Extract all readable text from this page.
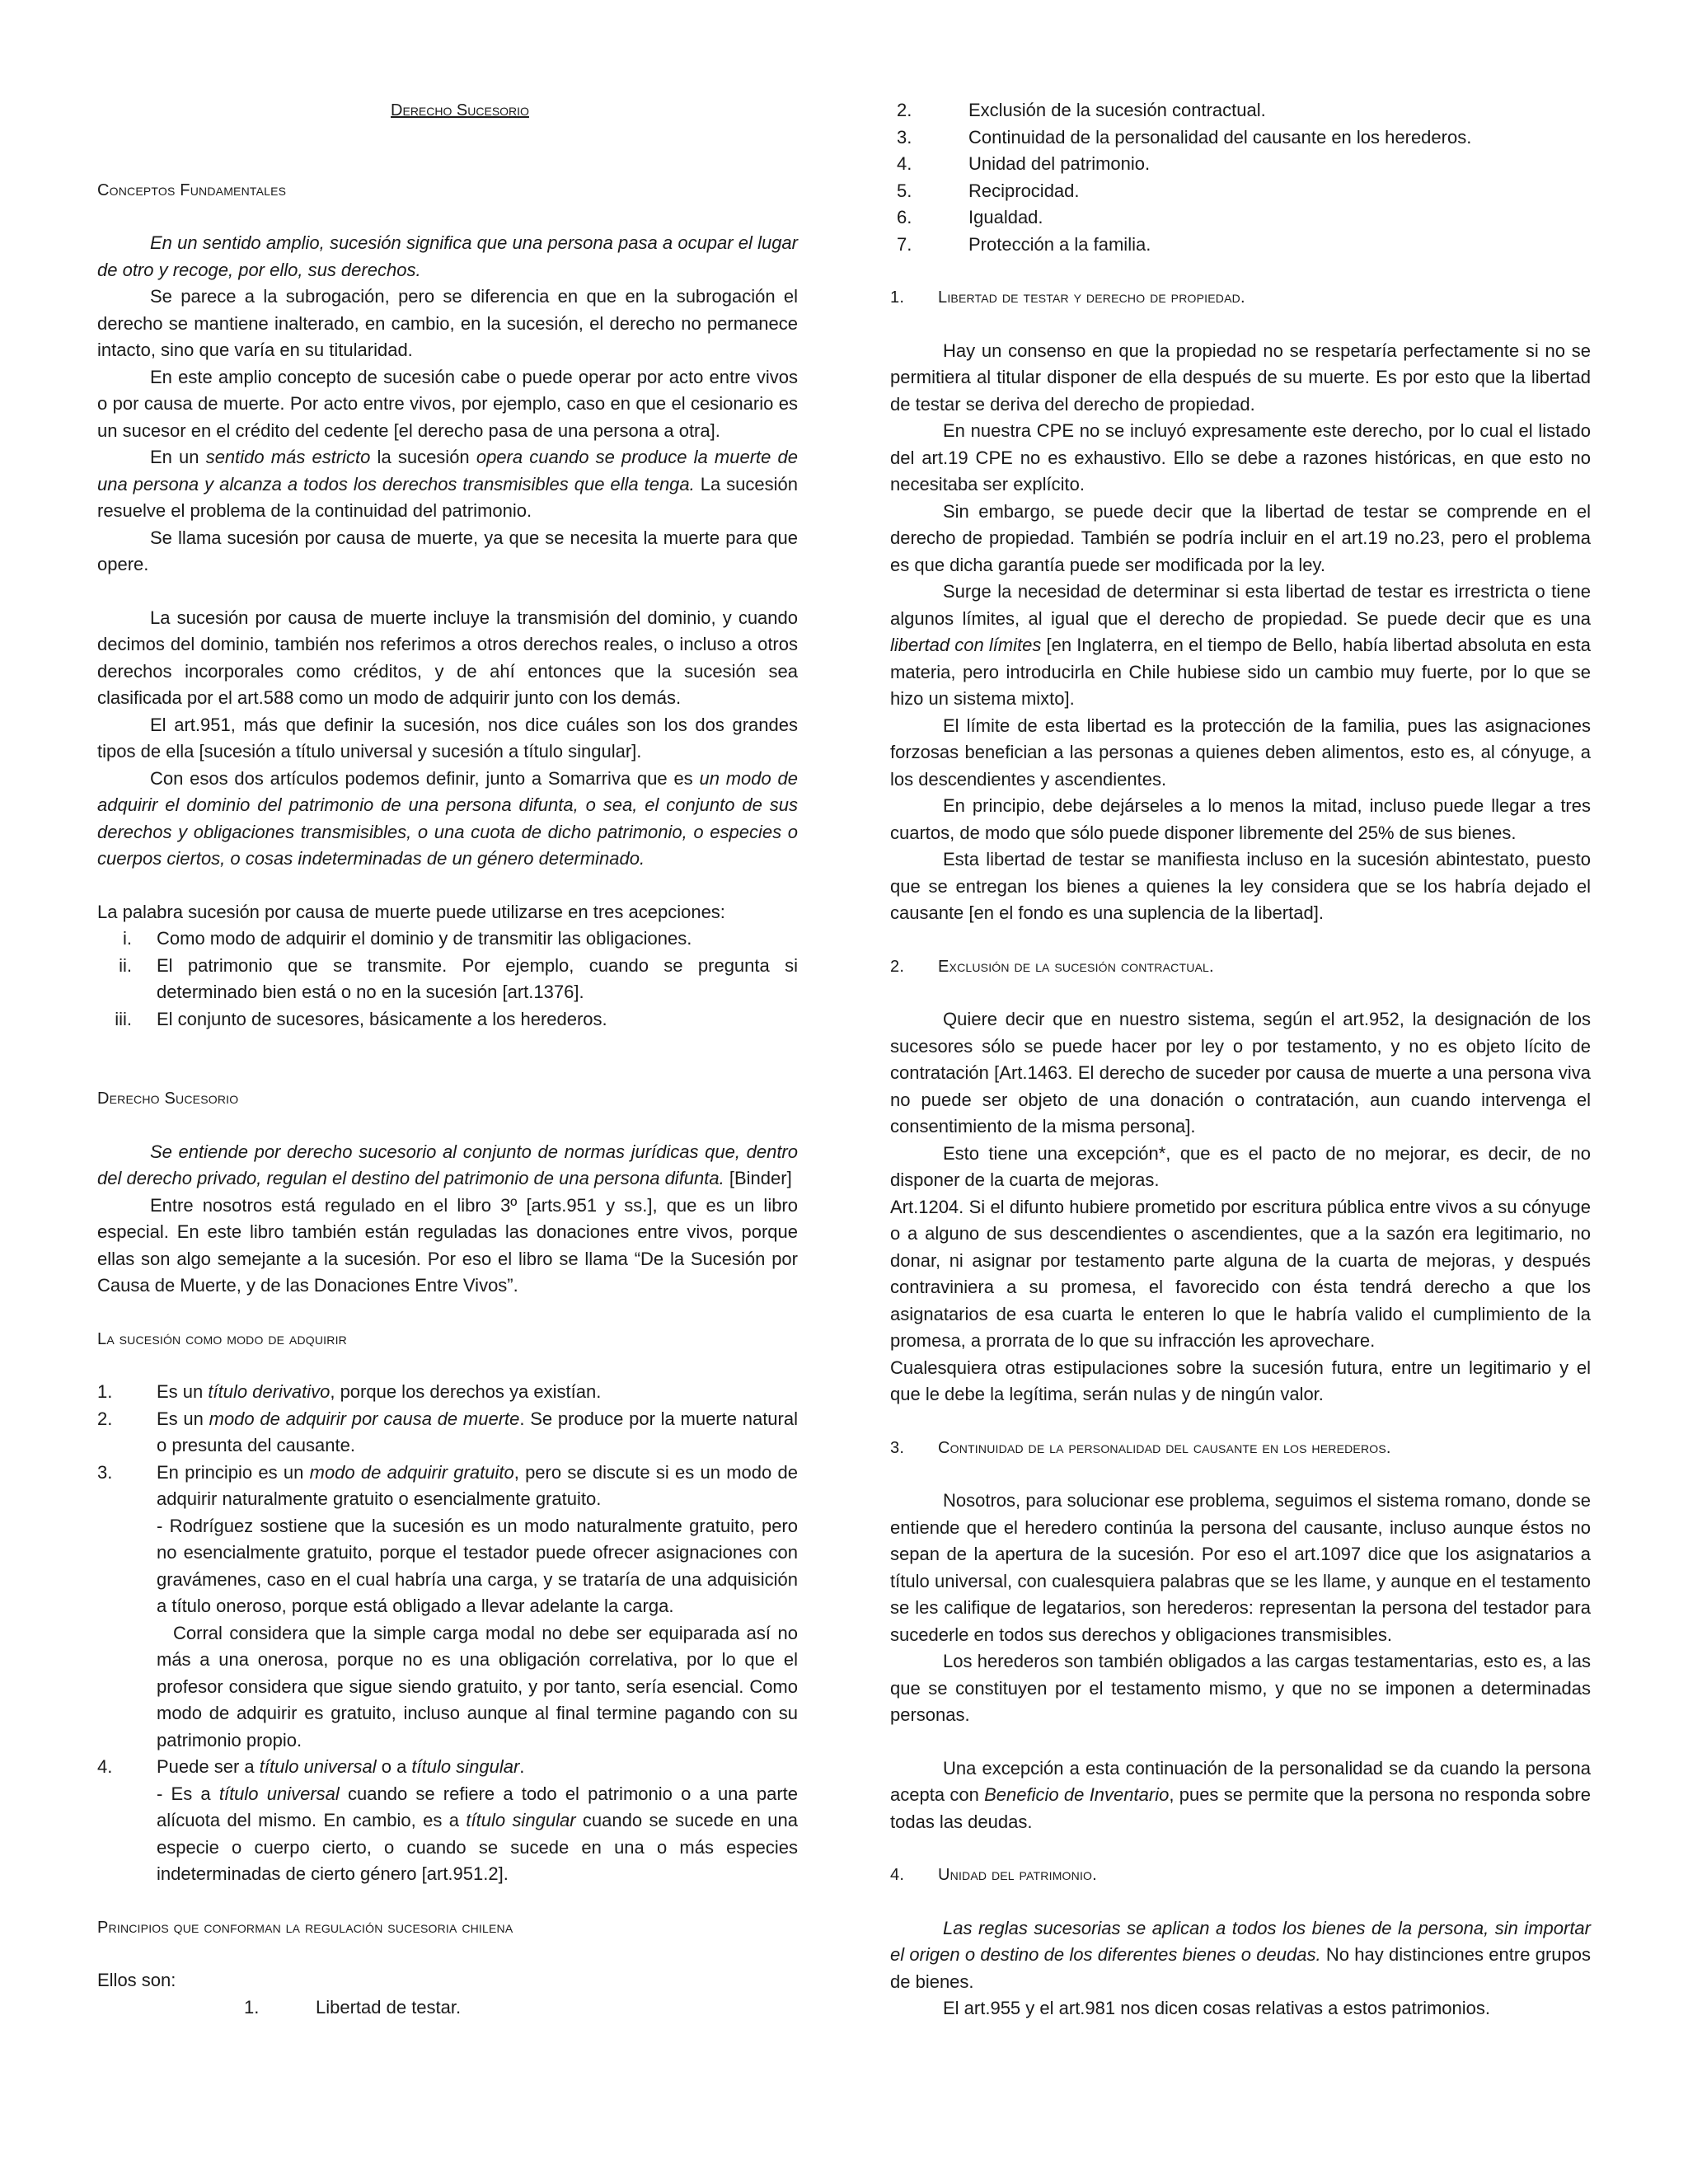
Derecho Sucesorio

Conceptos Fundamentales

En un sentido amplio, sucesión significa que una persona pasa a ocupar el lugar de otro y recoge, por ello, sus derechos.

Se parece a la subrogación, pero se diferencia en que en la subrogación el derecho se mantiene inalterado, en cambio, en la sucesión, el derecho no permanece intacto, sino que varía en su titularidad.

En este amplio concepto de sucesión cabe o puede operar por acto entre vivos o por causa de muerte. Por acto entre vivos, por ejemplo, caso en que el cesionario es un sucesor en el crédito del cedente [el derecho pasa de una persona a otra].

En un sentido más estricto la sucesión opera cuando se produce la muerte de una persona y alcanza a todos los derechos transmisibles que ella tenga. La sucesión resuelve el problema de la continuidad del patrimonio.

Se llama sucesión por causa de muerte, ya que se necesita la muerte para que opere.

La sucesión por causa de muerte incluye la transmisión del dominio, y cuando decimos del dominio, también nos referimos a otros derechos reales, o incluso a otros derechos incorporales como créditos, y de ahí entonces que la sucesión sea clasificada por el art.588 como un modo de adquirir junto con los demás.

El art.951, más que definir la sucesión, nos dice cuáles son los dos grandes tipos de ella [sucesión a título universal y sucesión a título singular].

Con esos dos artículos podemos definir, junto a Somarriva que es un modo de adquirir el dominio del patrimonio de una persona difunta, o sea, el conjunto de sus derechos y obligaciones transmisibles, o una cuota de dicho patrimonio, o especies o cuerpos ciertos, o cosas indeterminadas de un género determinado.

La palabra sucesión por causa de muerte puede utilizarse en tres acepciones:

i. Como modo de adquirir el dominio y de transmitir las obligaciones.
ii. El patrimonio que se transmite. Por ejemplo, cuando se pregunta si determinado bien está o no en la sucesión [art.1376].
iii. El conjunto de sucesores, básicamente a los herederos.

Derecho Sucesorio

Se entiende por derecho sucesorio al conjunto de normas jurídicas que, dentro del derecho privado, regulan el destino del patrimonio de una persona difunta. [Binder]

Entre nosotros está regulado en el libro 3º [arts.951 y ss.], que es un libro especial. En este libro también están reguladas las donaciones entre vivos, porque ellas son algo semejante a la sucesión. Por eso el libro se llama “De la Sucesión por Causa de Muerte, y de las Donaciones Entre Vivos”.

La sucesión como modo de adquirir

1.	Es un título derivativo, porque los derechos ya existían.
2.	Es un modo de adquirir por causa de muerte. Se produce por la muerte natural o presunta del causante.
3.	En principio es un modo de adquirir gratuito, pero se discute si es un modo de adquirir naturalmente gratuito o esencialmente gratuito.
- Rodríguez sostiene que la sucesión es un modo naturalmente gratuito, pero no esencialmente gratuito, porque el testador puede ofrecer asignaciones con gravámenes, caso en el cual habría una carga, y se trataría de una adquisición a título oneroso, porque está obligado a llevar adelante la carga.
Corral considera que la simple carga modal no debe ser equiparada así no más a una onerosa, porque no es una obligación correlativa, por lo que el profesor considera que sigue siendo gratuito, y por tanto, sería esencial. Como modo de adquirir es gratuito, incluso aunque al final termine pagando con su patrimonio propio.
4.	Puede ser a título universal o a título singular.
- Es a título universal cuando se refiere a todo el patrimonio o a una parte alícuota del mismo. En cambio, es a título singular cuando se sucede en una especie o cuerpo cierto, o cuando se sucede en una o más especies indeterminadas de cierto género [art.951.2].

Principios que conforman la regulación sucesoria chilena

Ellos son:

1.	Libertad de testar.
2.	Exclusión de la sucesión contractual.
3.	Continuidad de la personalidad del causante en los herederos.
4.	Unidad del patrimonio.
5.	Reciprocidad.
6.	Igualdad.
7.	Protección a la familia.

1. Libertad de testar y derecho de propiedad.

Hay un consenso en que la propiedad no se respetaría perfectamente si no se permitiera al titular disponer de ella después de su muerte. Es por esto que la libertad de testar se deriva del derecho de propiedad.

En nuestra CPE no se incluyó expresamente este derecho, por lo cual el listado del art.19 CPE no es exhaustivo. Ello se debe a razones históricas, en que esto no necesitaba ser explícito.

Sin embargo, se puede decir que la libertad de testar se comprende en el derecho de propiedad. También se podría incluir en el art.19 no.23, pero el problema es que dicha garantía puede ser modificada por la ley.

Surge la necesidad de determinar si esta libertad de testar es irrestricta o tiene algunos límites, al igual que el derecho de propiedad. Se puede decir que es una libertad con límites [en Inglaterra, en el tiempo de Bello, había libertad absoluta en esta materia, pero introducirla en Chile hubiese sido un cambio muy fuerte, por lo que se hizo un sistema mixto].

El límite de esta libertad es la protección de la familia, pues las asignaciones forzosas benefician a las personas a quienes deben alimentos, esto es, al cónyuge, a los descendientes y ascendientes.

En principio, debe dejárseles a lo menos la mitad, incluso puede llegar a tres cuartos, de modo que sólo puede disponer libremente del 25% de sus bienes.

Esta libertad de testar se manifiesta incluso en la sucesión abintestato, puesto que se entregan los bienes a quienes la ley considera que se los habría dejado el causante [en el fondo es una suplencia de la libertad].

2. Exclusión de la sucesión contractual.

Quiere decir que en nuestro sistema, según el art.952, la designación de los sucesores sólo se puede hacer por ley o por testamento, y no es objeto lícito de contratación [Art.1463. El derecho de suceder por causa de muerte a una persona viva no puede ser objeto de una donación o contratación, aun cuando intervenga el consentimiento de la misma persona].

Esto tiene una excepción*, que es el pacto de no mejorar, es decir, de no disponer de la cuarta de mejoras.

Art.1204. Si el difunto hubiere prometido por escritura pública entre vivos a su cónyuge o a alguno de sus descendientes o ascendientes, que a la sazón era legitimario, no donar, ni asignar por testamento parte alguna de la cuarta de mejoras, y después contraviniera a su promesa, el favorecido con ésta tendrá derecho a que los asignatarios de esa cuarta le enteren lo que le habría valido el cumplimiento de la promesa, a prorrata de lo que su infracción les aprovechare.

Cualesquiera otras estipulaciones sobre la sucesión futura, entre un legitimario y el que le debe la legítima, serán nulas y de ningún valor.

3. Continuidad de la personalidad del causante en los herederos.

Nosotros, para solucionar ese problema, seguimos el sistema romano, donde se entiende que el heredero continúa la persona del causante, incluso aunque éstos no sepan de la apertura de la sucesión. Por eso el art.1097 dice que los asignatarios a título universal, con cualesquiera palabras que se les llame, y aunque en el testamento se les califique de legatarios, son herederos: representan la persona del testador para sucederle en todos sus derechos y obligaciones transmisibles.

Los herederos son también obligados a las cargas testamentarias, esto es, a las que se constituyen por el testamento mismo, y que no se imponen a determinadas personas.

Una excepción a esta continuación de la personalidad se da cuando la persona acepta con Beneficio de Inventario, pues se permite que la persona no responda sobre todas las deudas.

4. Unidad del patrimonio.

Las reglas sucesorias se aplican a todos los bienes de la persona, sin importar el origen o destino de los diferentes bienes o deudas. No hay distinciones entre grupos de bienes.

El art.955 y el art.981 nos dicen cosas relativas a estos patrimonios.
